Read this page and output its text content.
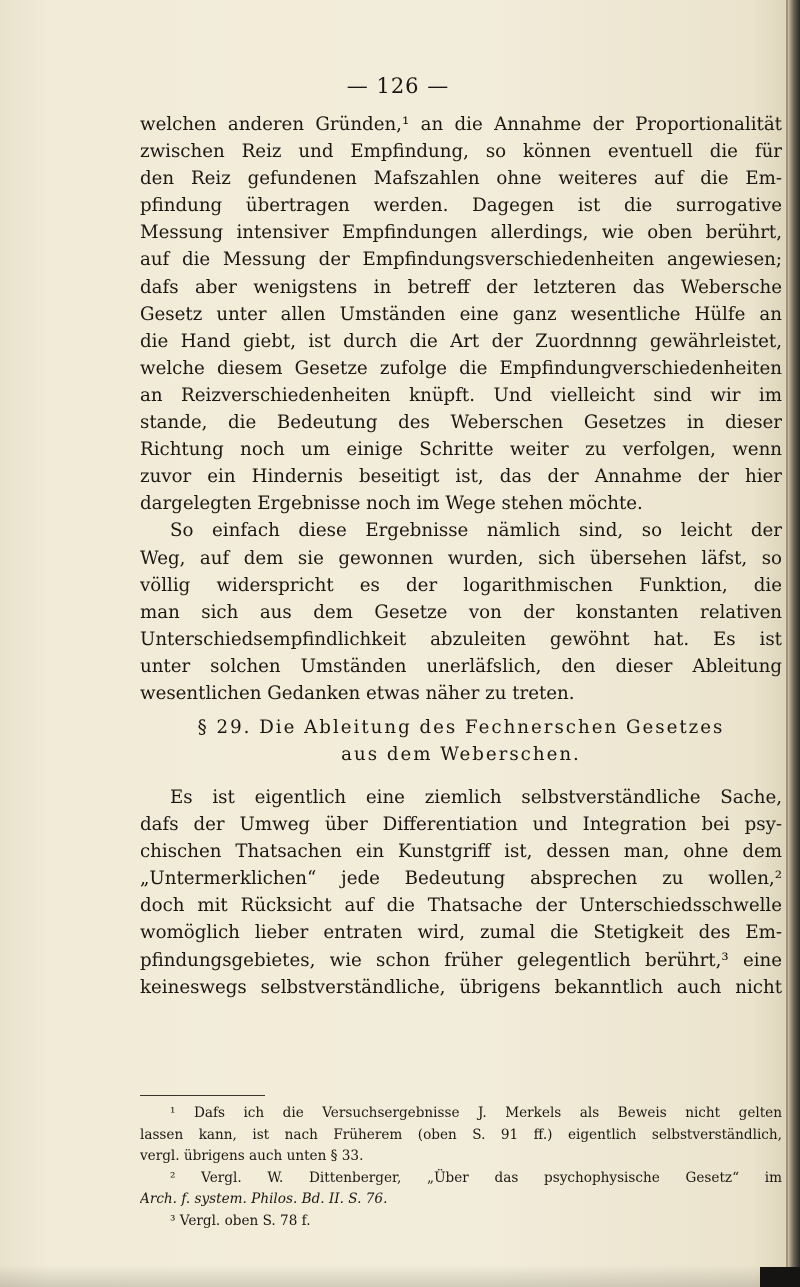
— 126 —
welchen anderen Gründen,¹ an die Annahme der Proportionalität
zwischen Reiz und Empfindung, so können eventuell die für
den Reiz gefundenen Mafszahlen ohne weiteres auf die Em-
pfindung übertragen werden. Dagegen ist die surrogative
Messung intensiver Empfindungen allerdings, wie oben berührt,
auf die Messung der Empfindungsverschiedenheiten angewiesen;
dafs aber wenigstens in betreff der letzteren das Webersche
Gesetz unter allen Umständen eine ganz wesentliche Hülfe an
die Hand giebt, ist durch die Art der Zuordnnng gewährleistet,
welche diesem Gesetze zufolge die Empfindungverschiedenheiten
an Reizverschiedenheiten knüpft. Und vielleicht sind wir im
stande, die Bedeutung des Weberschen Gesetzes in dieser
Richtung noch um einige Schritte weiter zu verfolgen, wenn
zuvor ein Hindernis beseitigt ist, das der Annahme der hier
dargelegten Ergebnisse noch im Wege stehen möchte.
So einfach diese Ergebnisse nämlich sind, so leicht der
Weg, auf dem sie gewonnen wurden, sich übersehen läfst, so
völlig widerspricht es der logarithmischen Funktion, die
man sich aus dem Gesetze von der konstanten relativen
Unterschiedsempfindlichkeit abzuleiten gewöhnt hat. Es ist
unter solchen Umständen unerläfslich, den dieser Ableitung
wesentlichen Gedanken etwas näher zu treten.
§ 29. Die Ableitung des Fechnerschen Gesetzes
aus dem Weberschen.
Es ist eigentlich eine ziemlich selbstverständliche Sache,
dafs der Umweg über Differentiation und Integration bei psy-
chischen Thatsachen ein Kunstgriff ist, dessen man, ohne dem
„Untermerklichen“ jede Bedeutung absprechen zu wollen,²
doch mit Rücksicht auf die Thatsache der Unterschiedsschwelle
womöglich lieber entraten wird, zumal die Stetigkeit des Em-
pfindungsgebietes, wie schon früher gelegentlich berührt,³ eine
keineswegs selbstverständliche, übrigens bekanntlich auch nicht
¹ Dafs ich die Versuchsergebnisse J. Merkels als Beweis nicht gelten
lassen kann, ist nach Früherem (oben S. 91 ff.) eigentlich selbstverständlich,
vergl. übrigens auch unten § 33.
² Vergl. W. Dittenberger, „Über das psychophysische Gesetz“ im
Arch. f. system. Philos. Bd. II. S. 76.
³ Vergl. oben S. 78 f.
